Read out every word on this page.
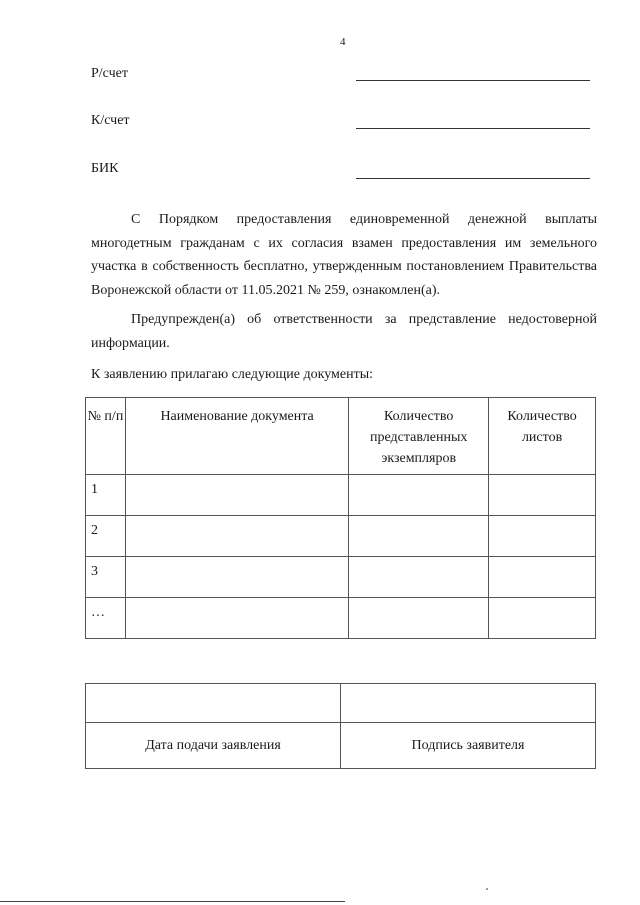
4
Р/счет
К/счет
БИК
С Порядком предоставления единовременной денежной выплаты многодетным гражданам с их согласия взамен предоставления им земельного участка в собственность бесплатно, утвержденным постановлением Правительства Воронежской области от 11.05.2021 № 259, ознакомлен(а).
Предупрежден(а) об ответственности за представление недостоверной информации.
К заявлению прилагаю следующие документы:
№ п/п	Наименование документа	Количество представленных экземпляров	Количество листов
1			
2			
3			
…			

Дата подачи заявления	Подпись заявителя
